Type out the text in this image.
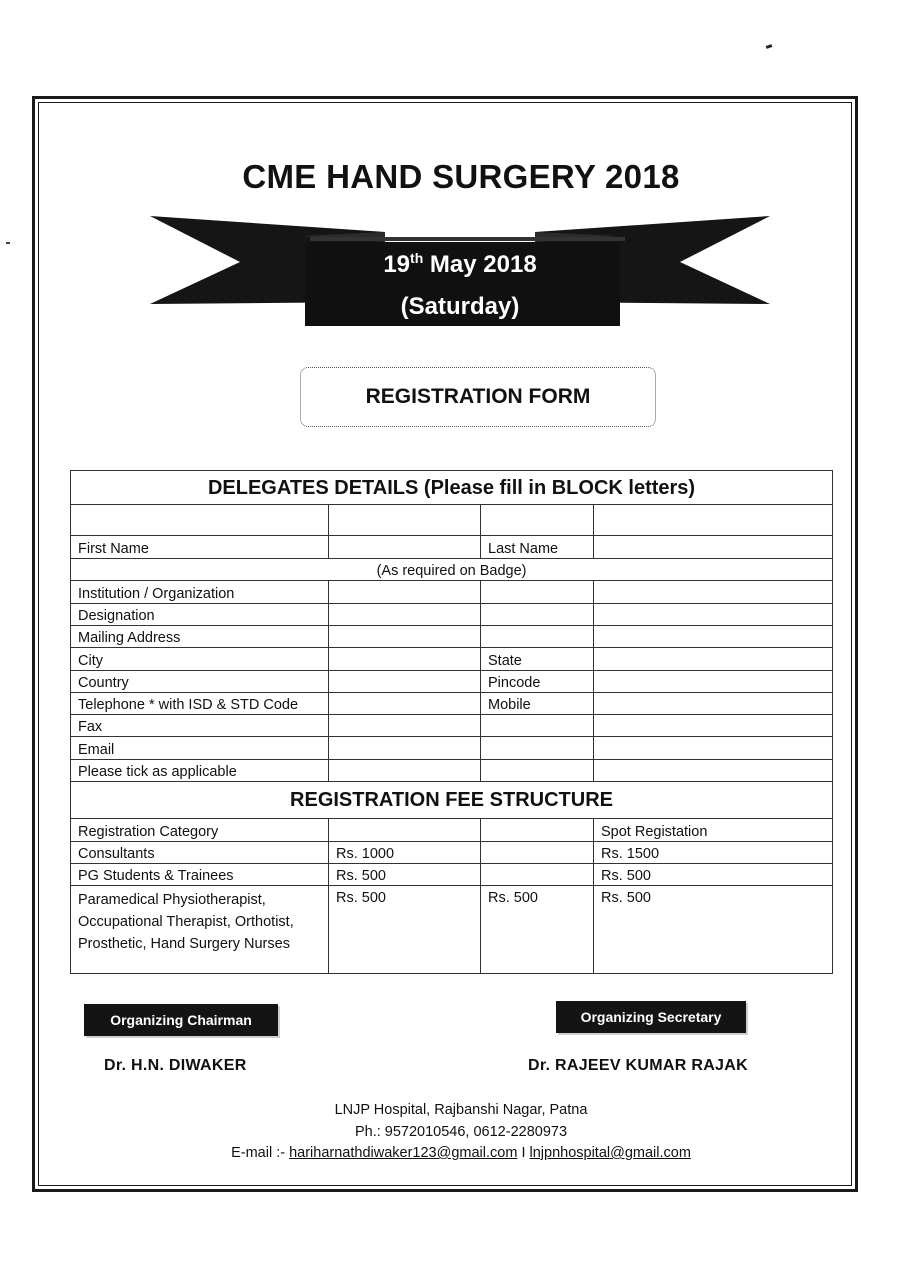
CME HAND SURGERY 2018
19th May 2018
(Saturday)
REGISTRATION FORM
DELEGATES DETAILS (Please fill in BLOCK letters)			

First Name		Last Name	
(As required on Badge)			
Institution / Organization			
Designation			
Mailing Address			
City		State	
Country		Pincode	
Telephone * with ISD & STD Code		Mobile	
Fax			
Email			
Please tick as applicable			
REGISTRATION FEE STRUCTURE			
Registration Category			Spot Registation
Consultants	Rs. 1000		Rs. 1500
PG Students & Trainees	Rs. 500		Rs. 500
Paramedical Physiotherapist, Occupational Therapist, Orthotist, Prosthetic, Hand Surgery Nurses	Rs. 500	Rs. 500	Rs. 500
Organizing Chairman	Organizing Secretary
Dr. H.N. DIWAKER	Dr. RAJEEV KUMAR RAJAK
LNJP Hospital, Rajbanshi Nagar, Patna
Ph.: 9572010546, 0612-2280973
E-mail :- hariharnathdiwaker123@gmail.com I lnjpnhospital@gmail.com
